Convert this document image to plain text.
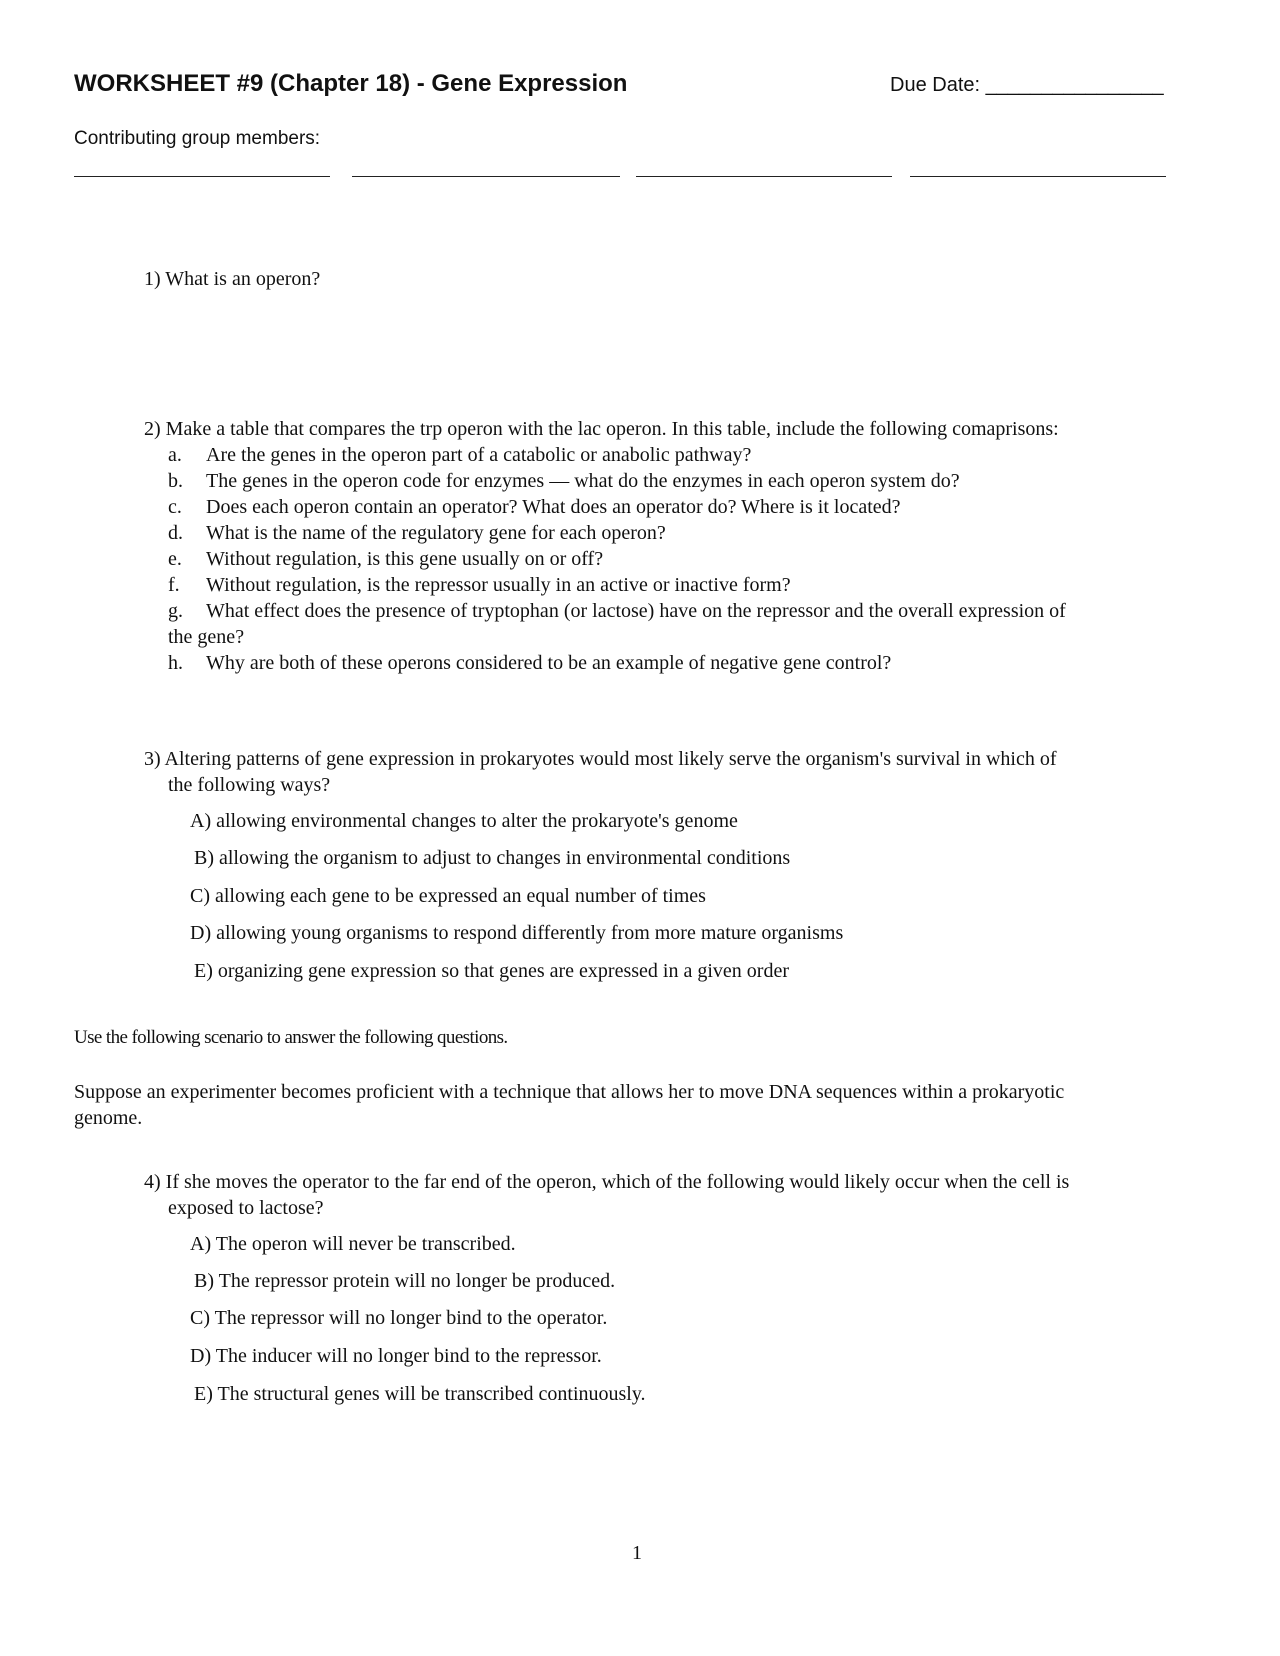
WORKSHEET #9 (Chapter 18) - Gene Expression	Due Date: ________________
Contributing group members:
1) What is an operon?
2) Make a table that compares the trp operon with the lac operon. In this table, include the following comaprisons:
a. Are the genes in the operon part of a catabolic or anabolic pathway?
b. The genes in the operon code for enzymes — what do the enzymes in each operon system do?
c. Does each operon contain an operator? What does an operator do? Where is it located?
d. What is the name of the regulatory gene for each operon?
e. Without regulation, is this gene usually on or off?
f. Without regulation, is the repressor usually in an active or inactive form?
g. What effect does the presence of tryptophan (or lactose) have on the repressor and the overall expression of
the gene?
h. Why are both of these operons considered to be an example of negative gene control?
3) Altering patterns of gene expression in prokaryotes would most likely serve the organism's survival in which of
the following ways?
A) allowing environmental changes to alter the prokaryote's genome
B) allowing the organism to adjust to changes in environmental conditions
C) allowing each gene to be expressed an equal number of times
D) allowing young organisms to respond differently from more mature organisms
E) organizing gene expression so that genes are expressed in a given order
Use the following scenario to answer the following questions.
Suppose an experimenter becomes proficient with a technique that allows her to move DNA sequences within a prokaryotic
genome.
4) If she moves the operator to the far end of the operon, which of the following would likely occur when the cell is
exposed to lactose?
A) The operon will never be transcribed.
B) The repressor protein will no longer be produced.
C) The repressor will no longer bind to the operator.
D) The inducer will no longer bind to the repressor.
E) The structural genes will be transcribed continuously.
1
